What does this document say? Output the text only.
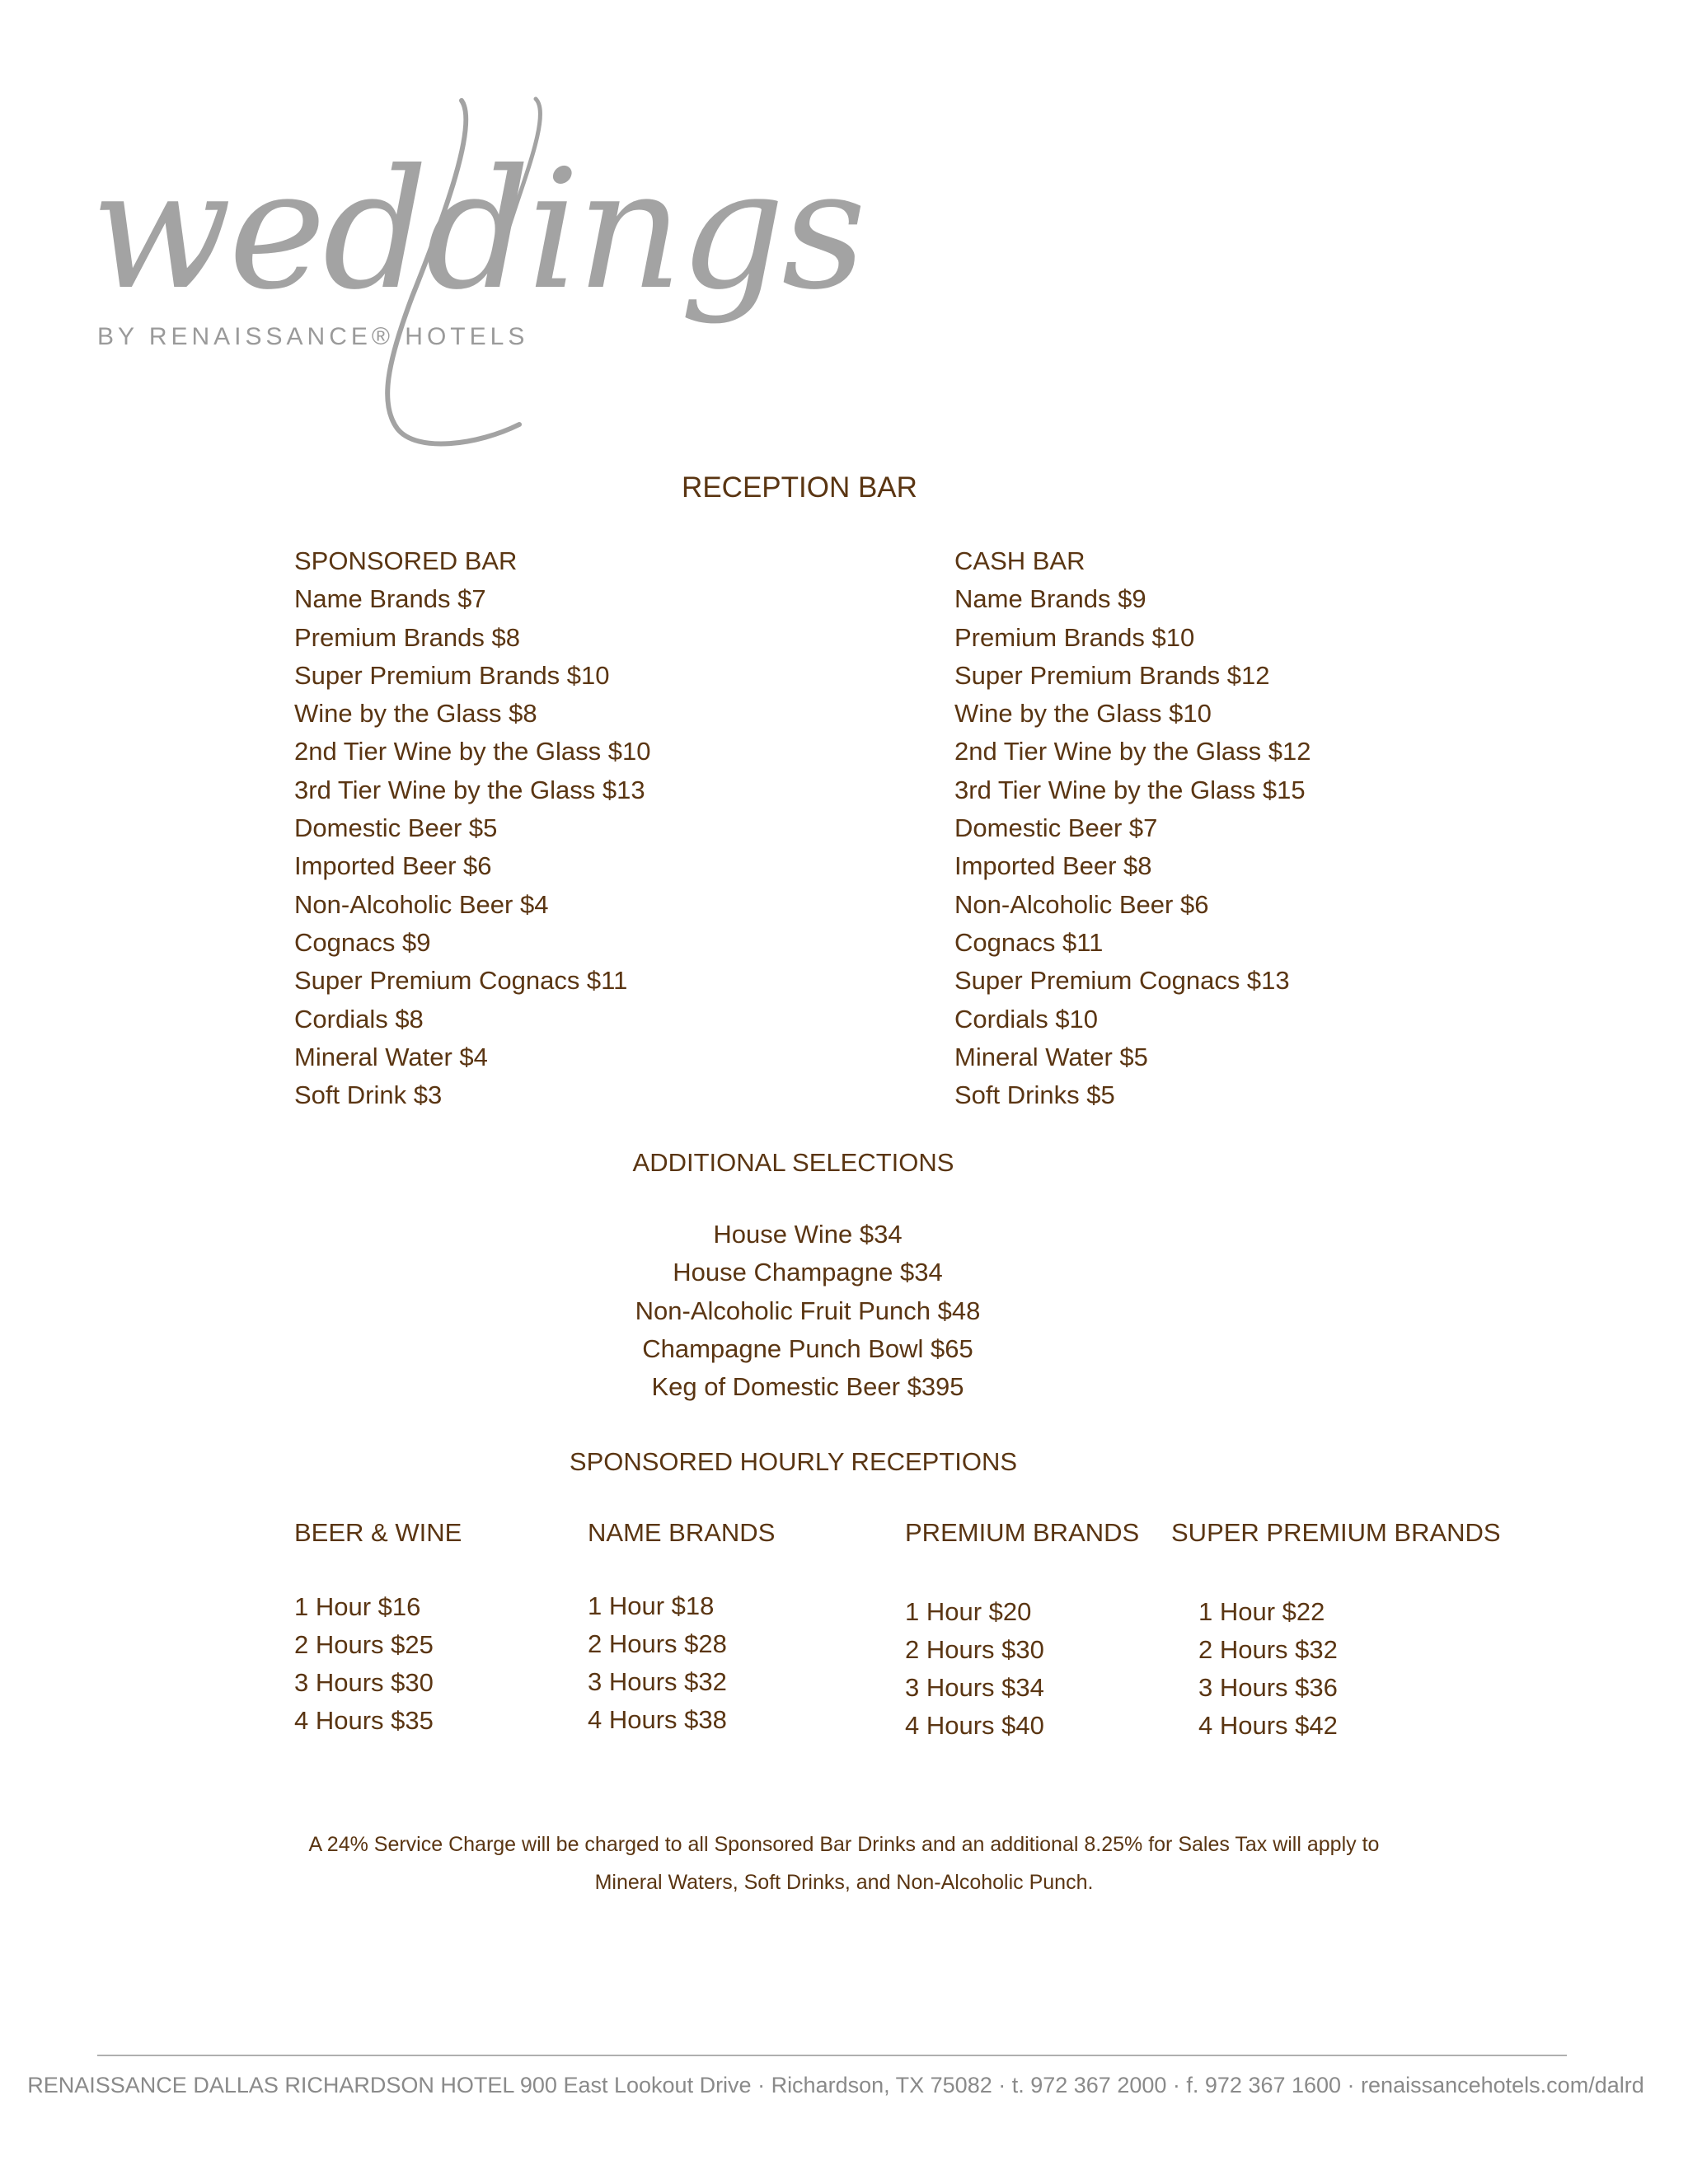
weddings
BY RENAISSANCE® HOTELS
RECEPTION BAR
SPONSORED BAR
Name Brands $7
Premium Brands $8
Super Premium Brands $10
Wine by the Glass $8
2nd Tier Wine by the Glass $10
3rd Tier Wine by the Glass $13
Domestic Beer $5
Imported Beer $6
Non-Alcoholic Beer $4
Cognacs $9
Super Premium Cognacs $11
Cordials $8
Mineral Water $4
Soft Drink $3
CASH BAR
Name Brands $9
Premium Brands $10
Super Premium Brands $12
Wine by the Glass $10
2nd Tier Wine by the Glass $12
3rd Tier Wine by the Glass $15
Domestic Beer $7
Imported Beer $8
Non-Alcoholic Beer $6
Cognacs $11
Super Premium Cognacs $13
Cordials $10
Mineral Water $5
Soft Drinks $5
ADDITIONAL SELECTIONS
House Wine $34
House Champagne $34
Non-Alcoholic Fruit Punch $48
Champagne Punch Bowl $65
Keg of Domestic Beer $395
SPONSORED HOURLY RECEPTIONS
BEER & WINE
1 Hour $16
2 Hours $25
3 Hours $30
4 Hours $35
NAME BRANDS
1 Hour $18
2 Hours $28
3 Hours $32
4 Hours $38
PREMIUM BRANDS
1 Hour $20
2 Hours $30
3 Hours $34
4 Hours $40
SUPER PREMIUM BRANDS
1 Hour $22
2 Hours $32
3 Hours $36
4 Hours $42
A 24% Service Charge will be charged to all Sponsored Bar Drinks and an additional 8.25% for Sales Tax will apply to
Mineral Waters, Soft Drinks, and Non-Alcoholic Punch.
RENAISSANCE DALLAS RICHARDSON HOTEL 900 East Lookout Drive · Richardson, TX 75082 · t. 972 367 2000 · f. 972 367 1600 · renaissancehotels.com/dalrd
